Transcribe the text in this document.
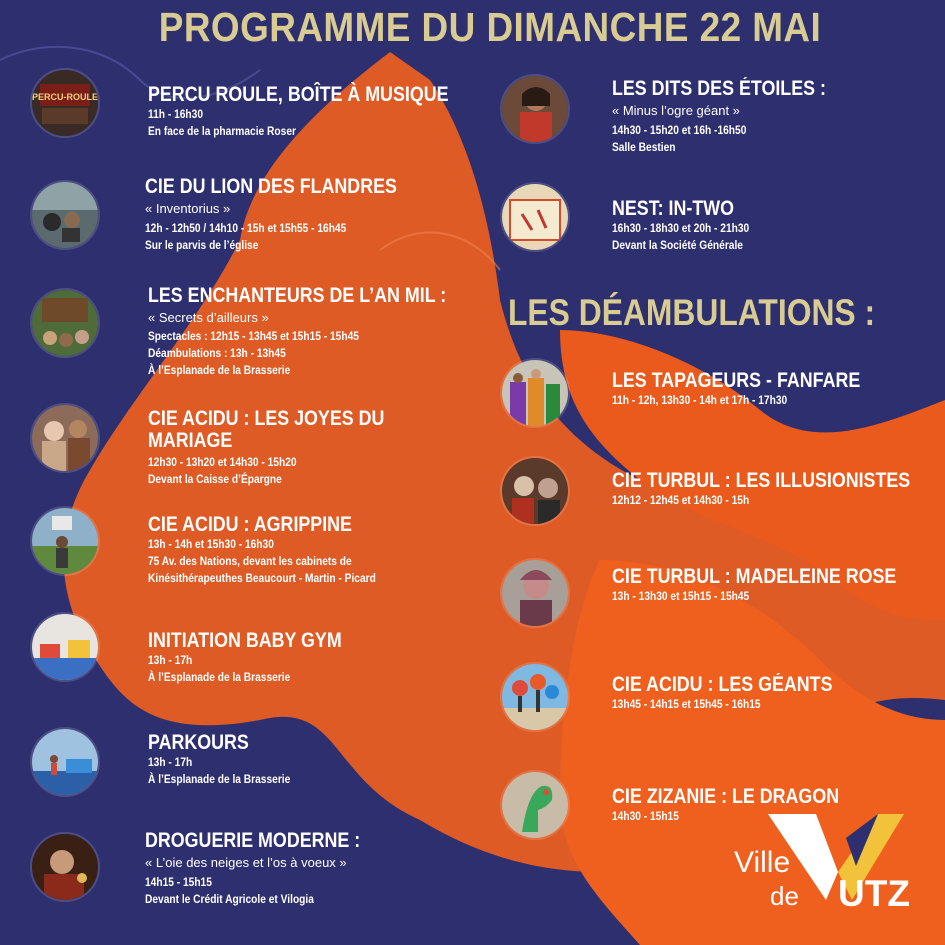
PROGRAMME DU DIMANCHE 22 MAI
PERCU-ROULE PERCU ROULE, BOÎTE À MUSIQUE
11h - 16h30
En face de la pharmacie Roser
CIE DU LION DES FLANDRES
« Inventorius »
12h - 12h50 / 14h10 - 15h et 15h55 - 16h45
Sur le parvis de l’église
LES ENCHANTEURS DE L’AN MIL :
« Secrets d’ailleurs »
Spectacles : 12h15 - 13h45 et 15h15 - 15h45
Déambulations : 13h - 13h45
À l’Esplanade de la Brasserie
CIE ACIDU : LES JOYES DU
MARIAGE
12h30 - 13h20 et 14h30 - 15h20
Devant la Caisse d’Épargne
CIE ACIDU : AGRIPPINE
13h - 14h et 15h30 - 16h30
75 Av. des Nations, devant les cabinets de
Kinésithérapeuthes Beaucourt - Martin - Picard
INITIATION BABY GYM
13h - 17h
À l’Esplanade de la Brasserie
PARKOURS
13h - 17h
À l’Esplanade de la Brasserie
DROGUERIE MODERNE :
« L’oie des neiges et l’os à voeux »
14h15 - 15h15
Devant le Crédit Agricole et Vilogia
LES DITS DES ÉTOILES :
« Minus l’ogre géant »
14h30 - 15h20 et 16h -16h50
Salle Bestien
NEST: IN-TWO
16h30 - 18h30 et 20h - 21h30
Devant la Société Générale
LES DÉAMBULATIONS :
LES TAPAGEURS - FANFARE
11h - 12h, 13h30 - 14h et 17h - 17h30
CIE TURBUL : LES ILLUSIONISTES
12h12 - 12h45 et 14h30 - 15h
CIE TURBUL : MADELEINE ROSE
13h - 13h30 et 15h15 - 15h45
CIE ACIDU : LES GÉANTS
13h45 - 14h15 et 15h45 - 16h15
CIE ZIZANIE : LE DRAGON
14h30 - 15h15
Ville
de UTZ
